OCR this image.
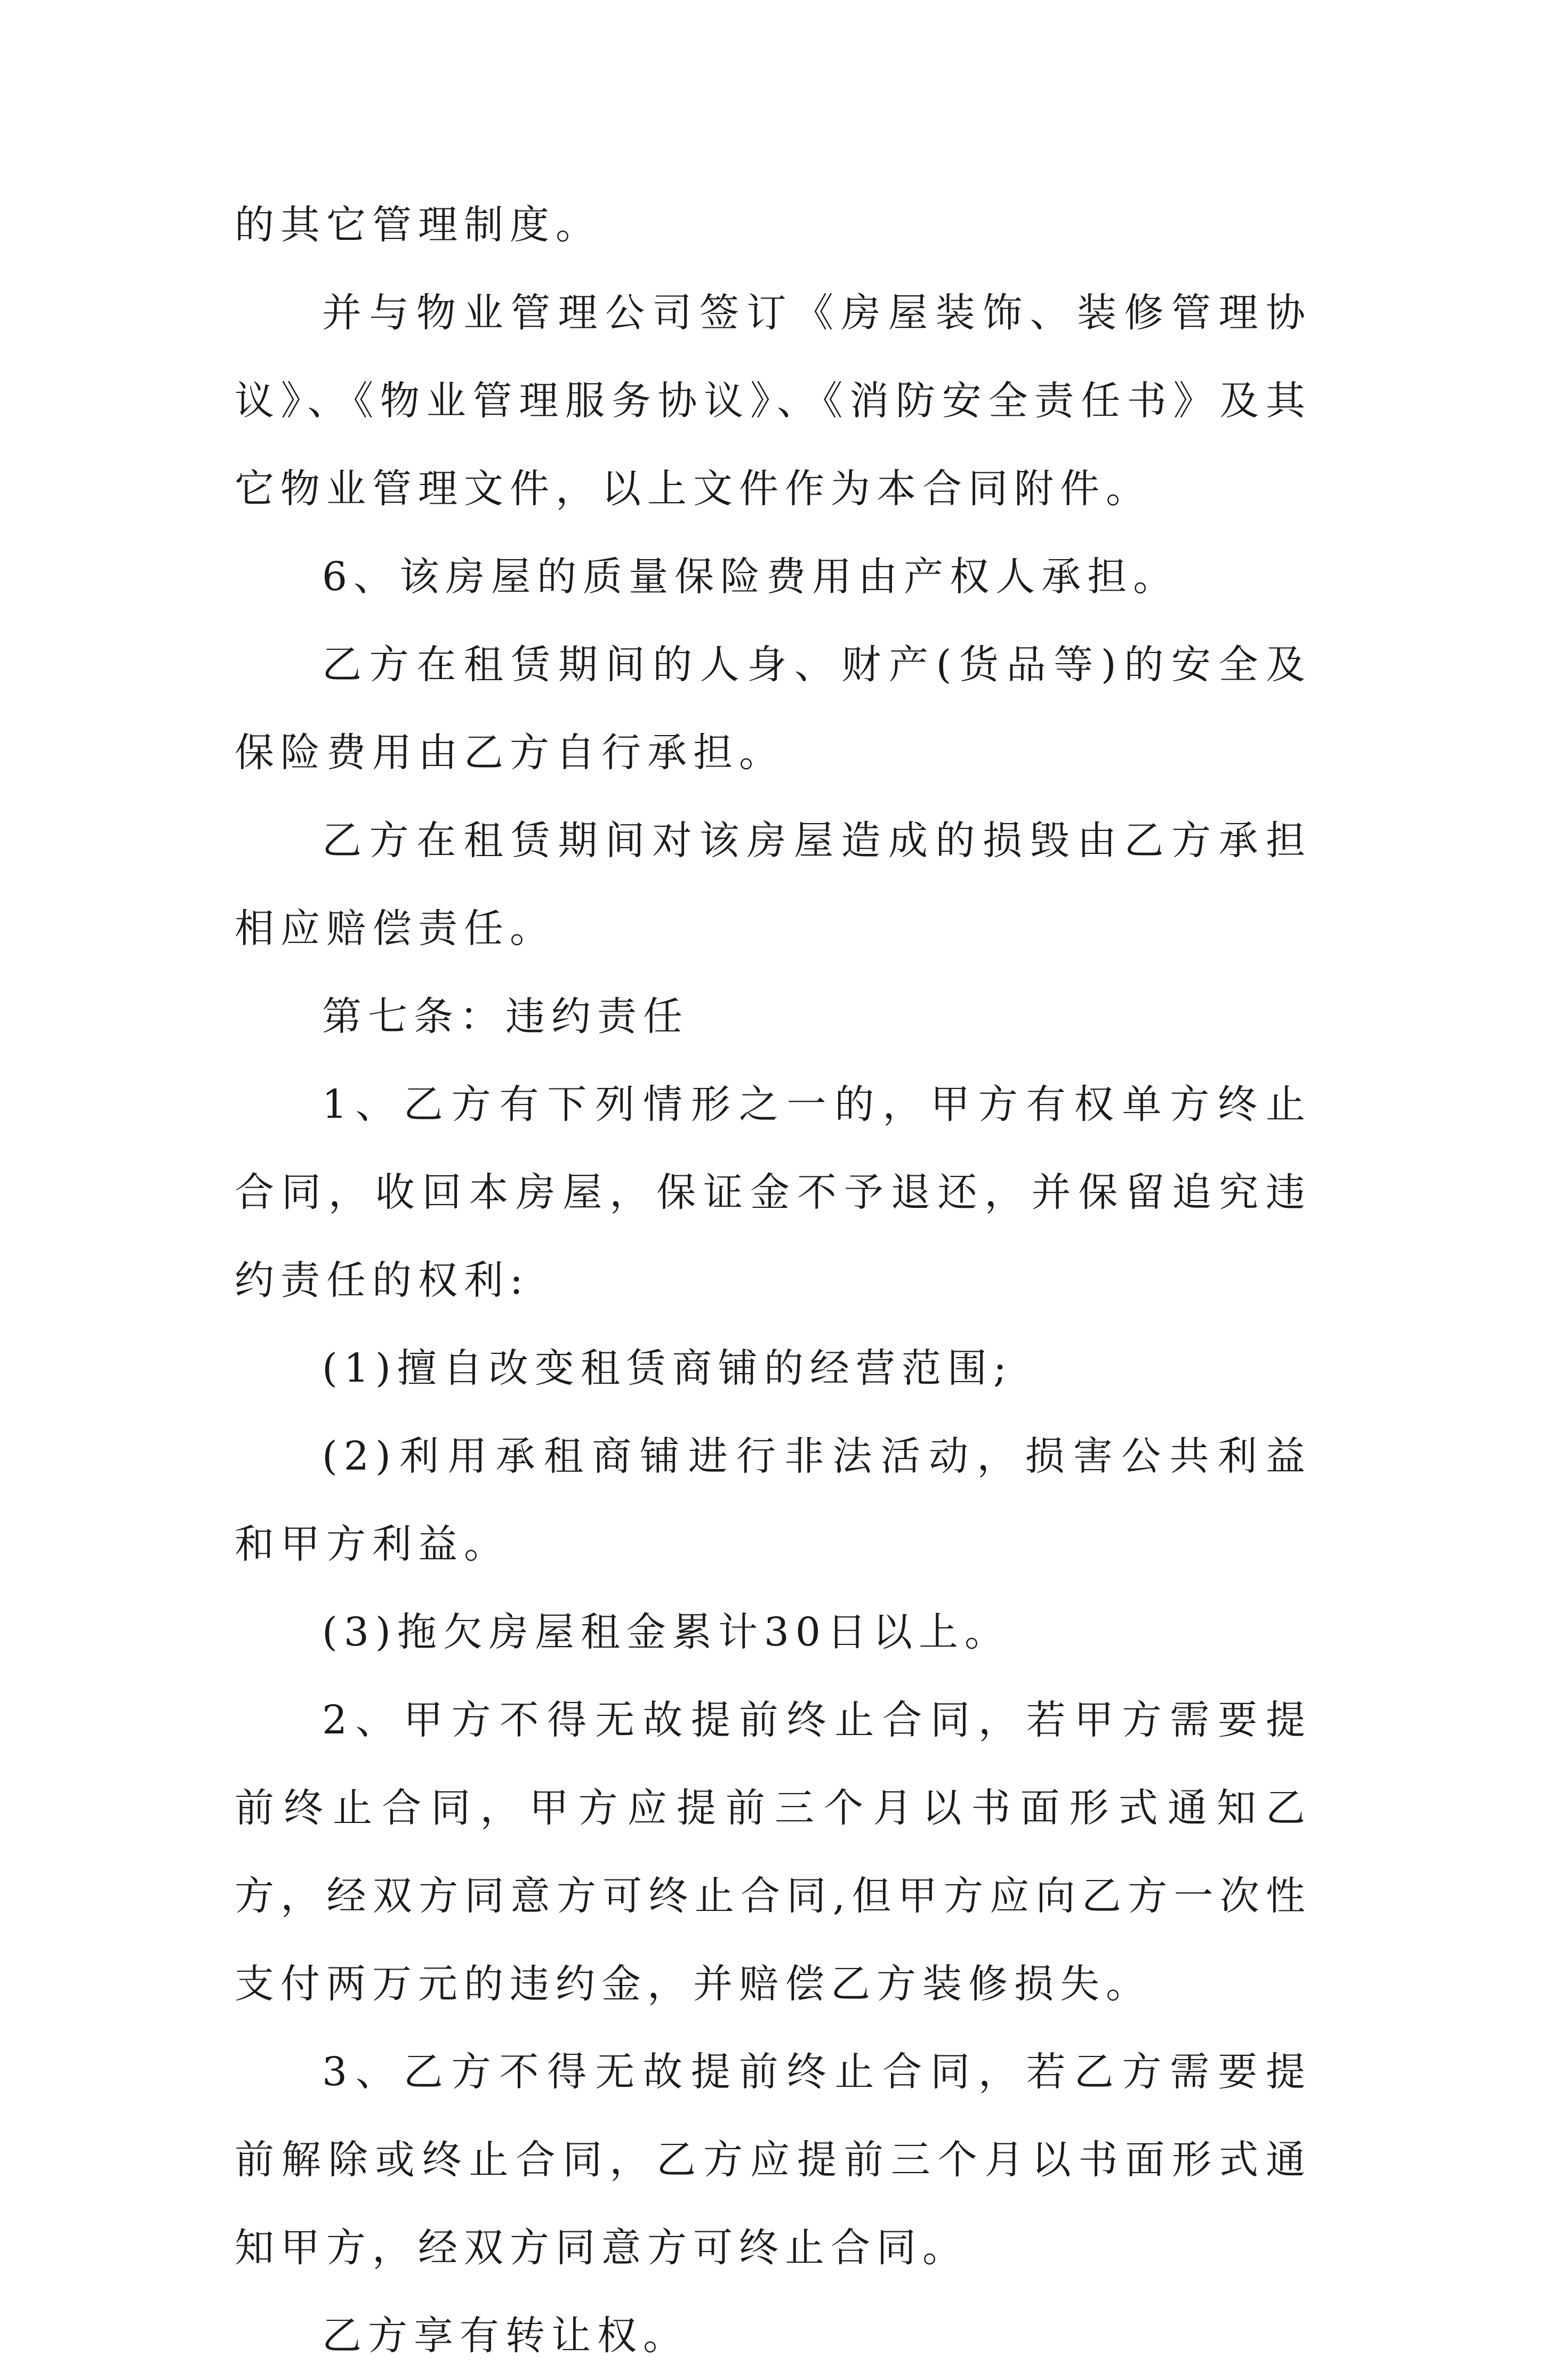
的其它管理制度。

并与物业管理公司签订《房屋装饰、装修管理协议》、《物业管理服务协议》、《消防安全责任书》及其它物业管理文件，以上文件作为本合同附件。

6、该房屋的质量保险费用由产权人承担。

乙方在租赁期间的人身、财产(货品等)的安全及保险费用由乙方自行承担。

乙方在租赁期间对该房屋造成的损毁由乙方承担相应赔偿责任。

第七条：违约责任

1、乙方有下列情形之一的，甲方有权单方终止合同，收回本房屋，保证金不予退还，并保留追究违约责任的权利:

(1)擅自改变租赁商铺的经营范围;

(2)利用承租商铺进行非法活动，损害公共利益和甲方利益。

(3)拖欠房屋租金累计30日以上。

2、甲方不得无故提前终止合同，若甲方需要提前终止合同，甲方应提前三个月以书面形式通知乙方，经双方同意方可终止合同,但甲方应向乙方一次性支付两万元的违约金，并赔偿乙方装修损失。

3、乙方不得无故提前终止合同，若乙方需要提前解除或终止合同，乙方应提前三个月以书面形式通知甲方，经双方同意方可终止合同。

乙方享有转让权。
